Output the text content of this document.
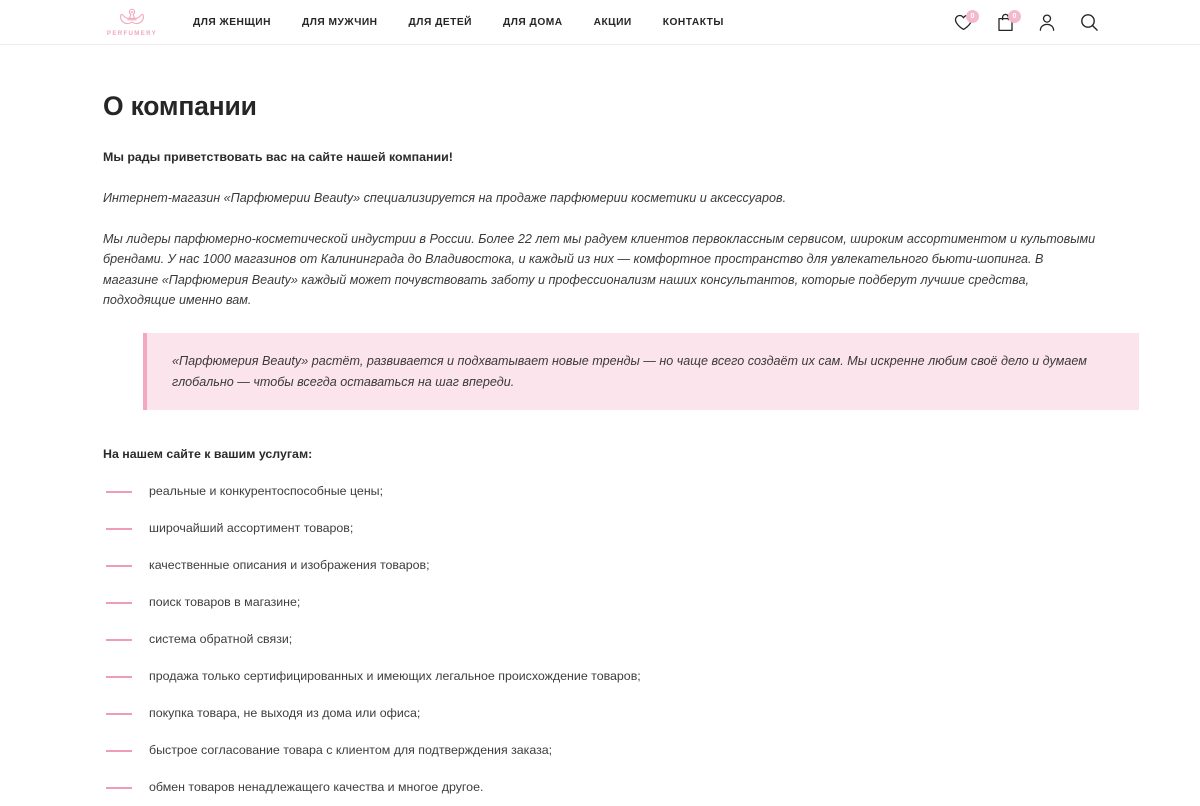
PERFUMERY
ДЛЯ ЖЕНЩИН	ДЛЯ МУЖЧИН	ДЛЯ ДЕТЕЙ	ДЛЯ ДОМА	АКЦИИ	КОНТАКТЫ
0	0
О компании

Мы рады приветствовать вас на сайте нашей компании!

Интернет-магазин «Парфюмерии Beauty» специализируется на продаже парфюмерии косметики и аксессуаров.

Мы лидеры парфюмерно-косметической индустрии в России. Более 22 лет мы радуем клиентов первоклассным сервисом, широким ассортиментом и культовыми брендами. У нас 1000 магазинов от Калининграда до Владивостока, и каждый из них — комфортное пространство для увлекательного бьюти-шопинга. В магазине «Парфюмерия Beauty» каждый может почувствовать заботу и профессионализм наших консультантов, которые подберут лучшие средства, подходящие именно вам.

«Парфюмерия Beauty» растёт, развивается и подхватывает новые тренды — но чаще всего создаёт их сам. Мы искренне любим своё дело и думаем глобально — чтобы всегда оставаться на шаг впереди.

На нашем сайте к вашим услугам:

реальные и конкурентоспособные цены;
широчайший ассортимент товаров;
качественные описания и изображения товаров;
поиск товаров в магазине;
система обратной связи;
продажа только сертифицированных и имеющих легальное происхождение товаров;
покупка товара, не выходя из дома или офиса;
быстрое согласование товара с клиентом для подтверждения заказа;
обмен товаров ненадлежащего качества и многое другое.
